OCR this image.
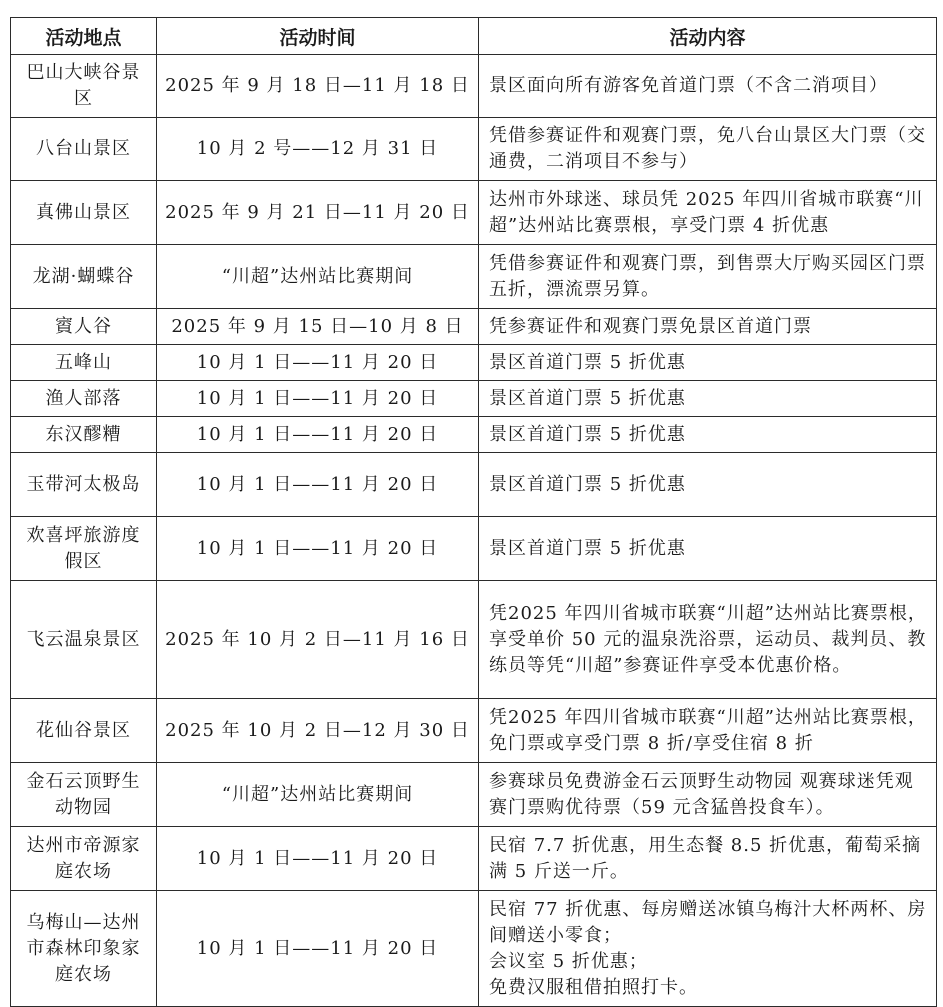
活动地点	活动时间	活动内容
巴山大峡谷景区	2025 年 9 月 18 日—11 月 18 日	景区面向所有游客免首道门票（不含二消项目）
八台山景区	10 月 2 号——12 月 31 日	凭借参赛证件和观赛门票，免八台山景区大门票（交通费，二消项目不参与）
真佛山景区	2025 年 9 月 21 日—11 月 20 日	达州市外球迷、球员凭 2025 年四川省城市联赛“川超”达州站比赛票根，享受门票 4 折优惠
龙湖·蝴蝶谷	“川超”达州站比赛期间	凭借参赛证件和观赛门票，到售票大厅购买园区门票五折，漂流票另算。
賨人谷	2025 年 9 月 15 日—10 月 8 日	凭参赛证件和观赛门票免景区首道门票
五峰山	10 月 1 日——11 月 20 日	景区首道门票 5 折优惠
渔人部落	10 月 1 日——11 月 20 日	景区首道门票 5 折优惠
东汉醪糟	10 月 1 日——11 月 20 日	景区首道门票 5 折优惠
玉带河太极岛	10 月 1 日——11 月 20 日	景区首道门票 5 折优惠
欢喜坪旅游度假区	10 月 1 日——11 月 20 日	景区首道门票 5 折优惠
飞云温泉景区	2025 年 10 月 2 日—11 月 16 日	凭2025 年四川省城市联赛“川超”达州站比赛票根，享受单价 50 元的温泉洗浴票，运动员、裁判员、教练员等凭“川超”参赛证件享受本优惠价格。
花仙谷景区	2025 年 10 月 2 日—12 月 30 日	凭2025 年四川省城市联赛“川超”达州站比赛票根，免门票或享受门票 8 折/享受住宿 8 折
金石云顶野生动物园	“川超”达州站比赛期间	参赛球员免费游金石云顶野生动物园 观赛球迷凭观赛门票购优待票（59 元含猛兽投食车）。
达州市帝源家庭农场	10 月 1 日——11 月 20 日	民宿 7.7 折优惠，用生态餐 8.5 折优惠，葡萄采摘满 5 斤送一斤。
乌梅山—达州市森林印象家庭农场	10 月 1 日——11 月 20 日	民宿 77 折优惠、每房赠送冰镇乌梅汁大杯两杯、房间赠送小零食；
会议室 5 折优惠；
免费汉服租借拍照打卡。
